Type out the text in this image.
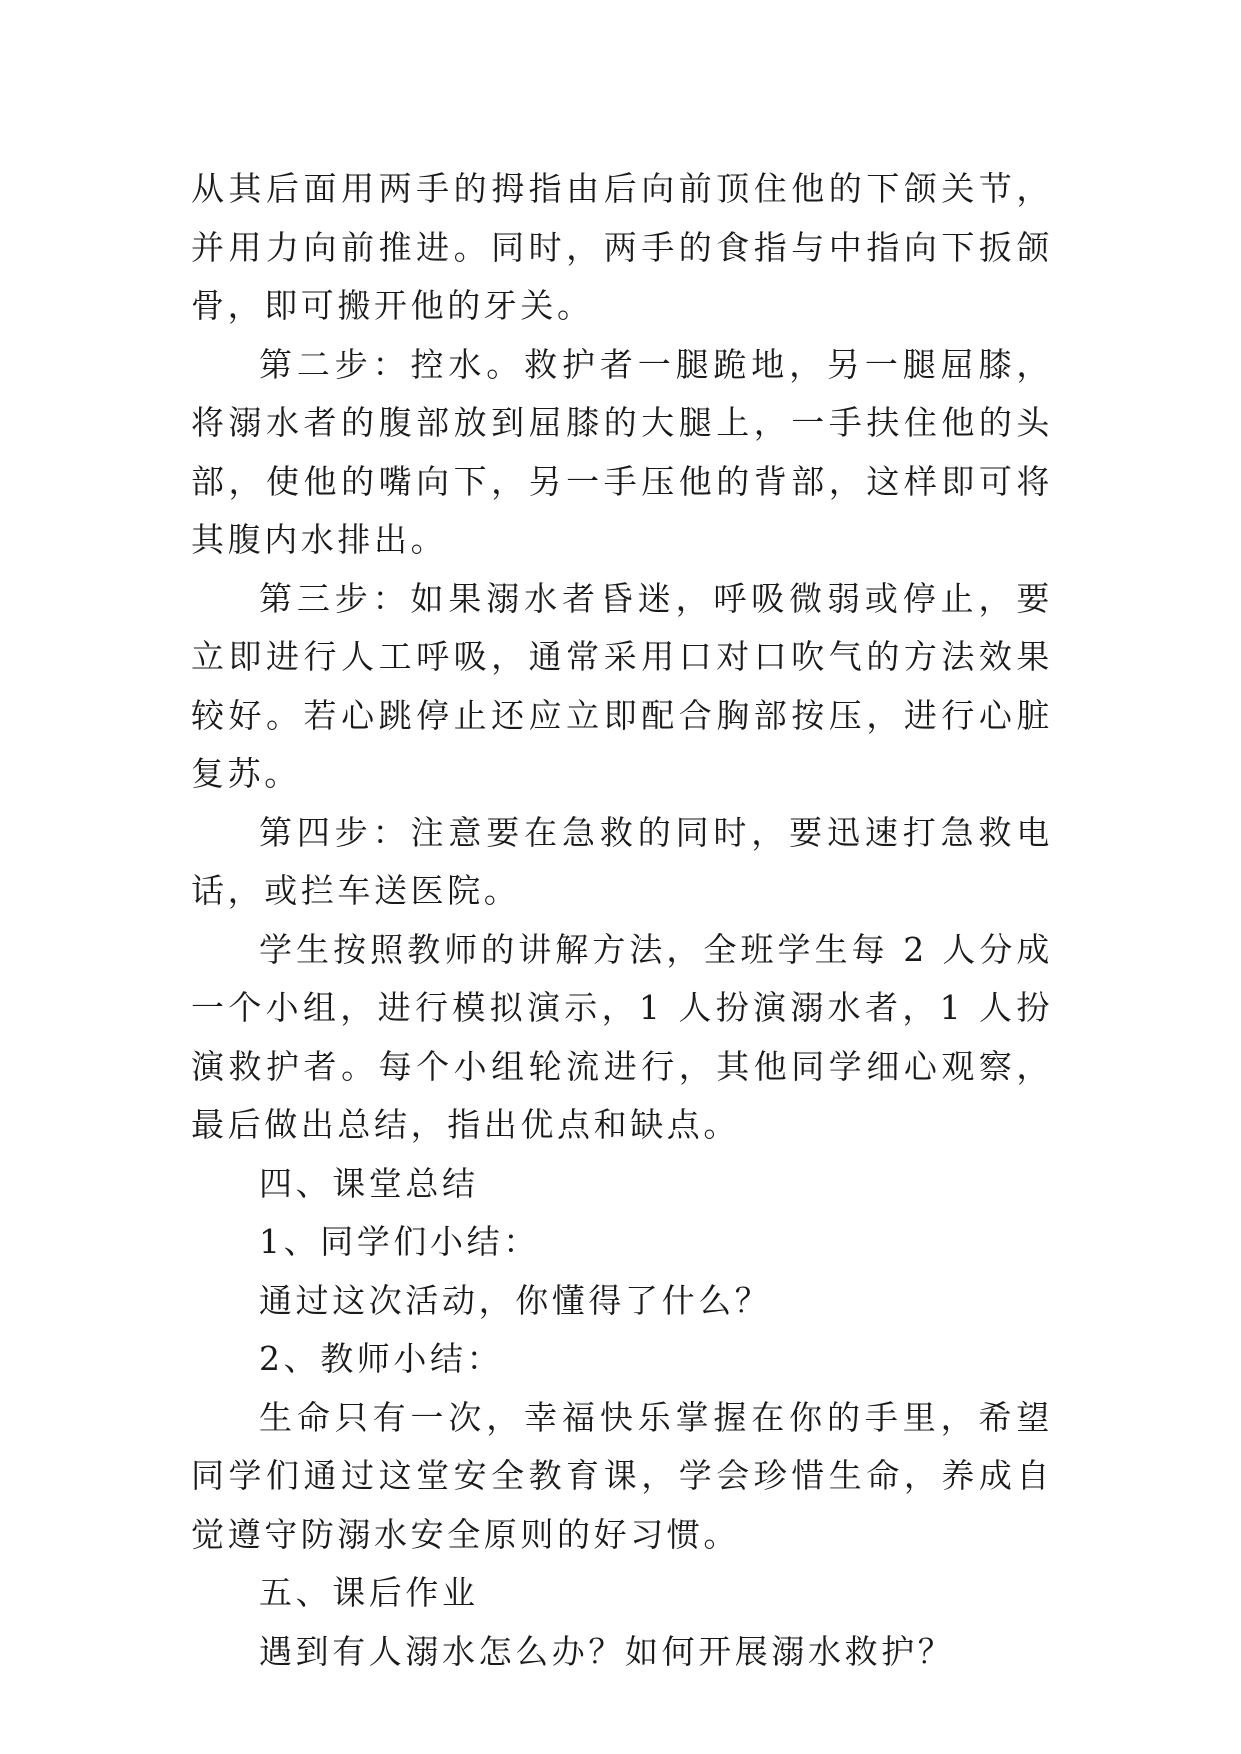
从其后面用两手的拇指由后向前顶住他的下颌关节，并用力向前推进。同时，两手的食指与中指向下扳颌骨，即可搬开他的牙关。

第二步：控水。救护者一腿跪地，另一腿屈膝，将溺水者的腹部放到屈膝的大腿上，一手扶住他的头部，使他的嘴向下，另一手压他的背部，这样即可将其腹内水排出。

第三步：如果溺水者昏迷，呼吸微弱或停止，要立即进行人工呼吸，通常采用口对口吹气的方法效果较好。若心跳停止还应立即配合胸部按压，进行心脏复苏。

第四步：注意要在急救的同时，要迅速打急救电话，或拦车送医院。

学生按照教师的讲解方法，全班学生每 2 人分成一个小组，进行模拟演示，1 人扮演溺水者，1 人扮演救护者。每个小组轮流进行，其他同学细心观察，最后做出总结，指出优点和缺点。

四、课堂总结

1、同学们小结：

通过这次活动，你懂得了什么？

2、教师小结：

生命只有一次，幸福快乐掌握在你的手里，希望同学们通过这堂安全教育课，学会珍惜生命，养成自觉遵守防溺水安全原则的好习惯。

五、课后作业

遇到有人溺水怎么办？如何开展溺水救护？
